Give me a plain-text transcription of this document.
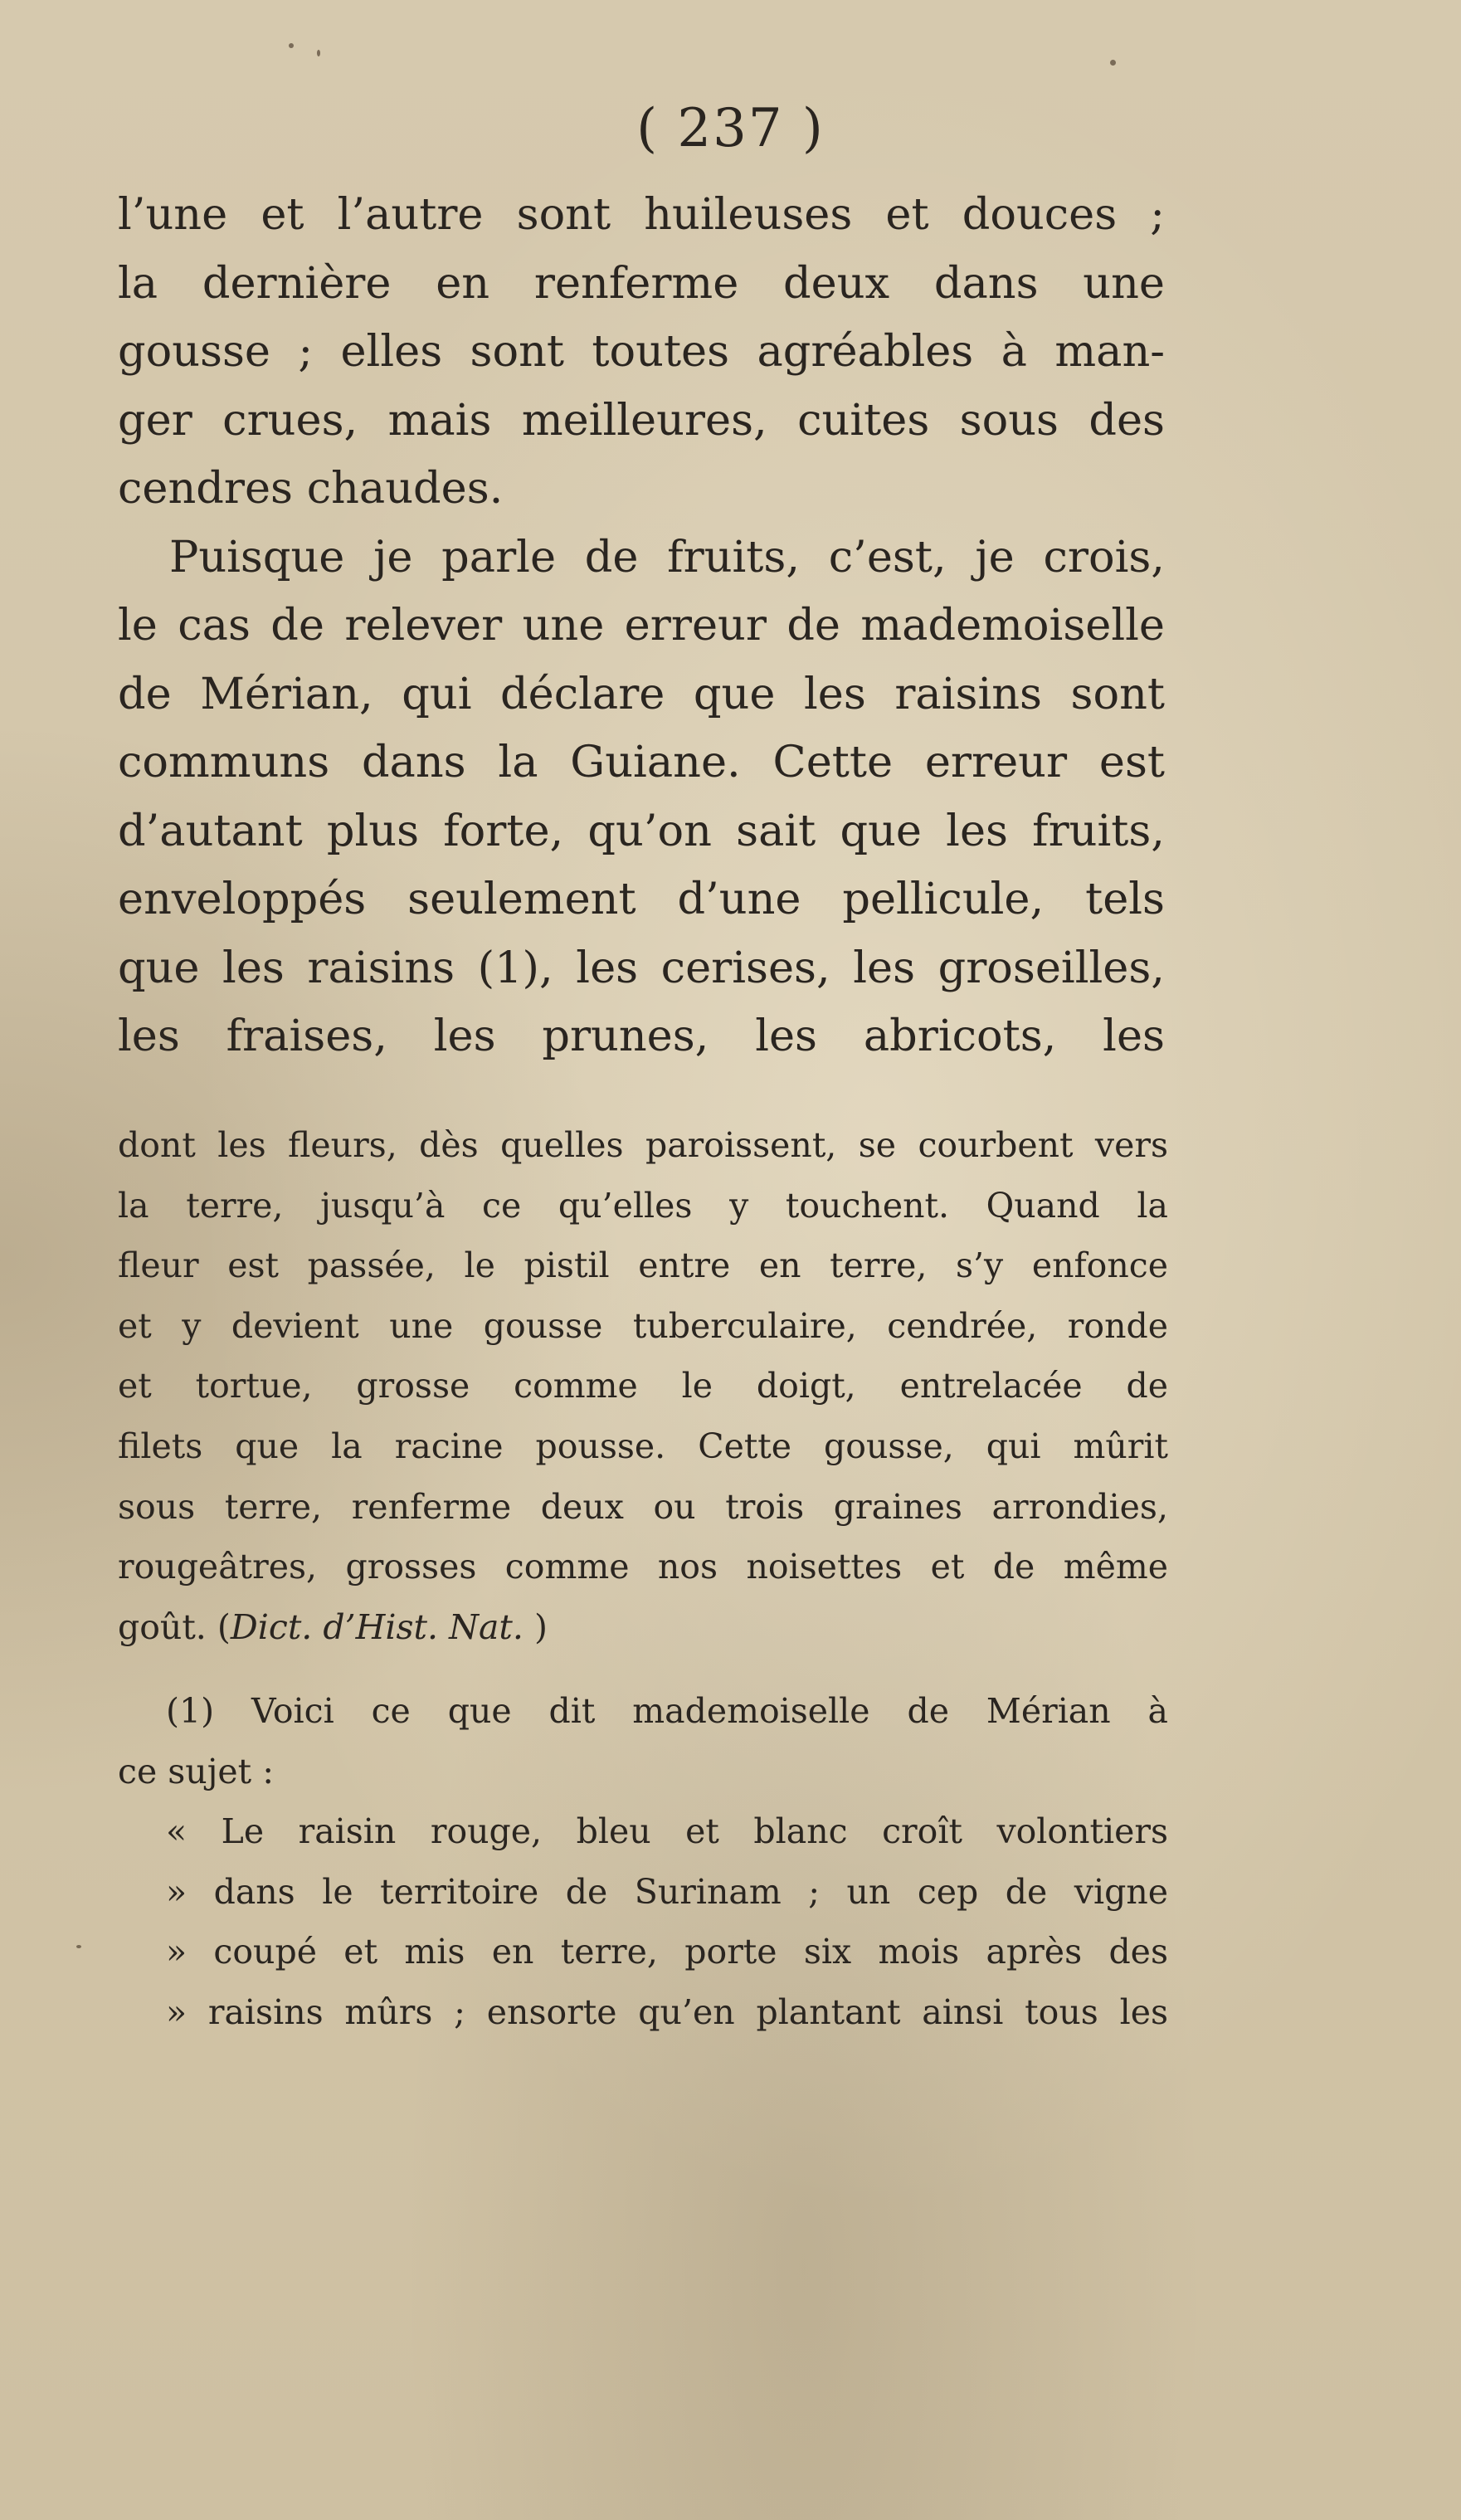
( 237 )
l’une et l’autre sont huileuses et douces ;
la dernière en renferme deux dans une
gousse ; elles sont toutes agréables à man-
ger crues, mais meilleures, cuites sous des
cendres chaudes.
Puisque je parle de fruits, c’est, je crois,
le cas de relever une erreur de mademoiselle
de Mérian, qui déclare que les raisins sont
communs dans la Guiane. Cette erreur est
d’autant plus forte, qu’on sait que les fruits,
enveloppés seulement d’une pellicule, tels
que les raisins (1), les cerises, les groseilles,
les fraises, les prunes, les abricots, les
dont les fleurs, dès quelles paroissent, se courbent vers
la terre, jusqu’à ce qu’elles y touchent. Quand la
fleur est passée, le pistil entre en terre, s’y enfonce
et y devient une gousse tuberculaire, cendrée, ronde
et tortue, grosse comme le doigt, entrelacée de
filets que la racine pousse. Cette gousse, qui mûrit
sous terre, renferme deux ou trois graines arrondies,
rougeâtres, grosses comme nos noisettes et de même
goût. (Dict. d’Hist. Nat. )
(1) Voici ce que dit mademoiselle de Mérian à
ce sujet :
« Le raisin rouge, bleu et blanc croît volontiers
» dans le territoire de Surinam ; un cep de vigne
» coupé et mis en terre, porte six mois après des
» raisins mûrs ; ensorte qu’en plantant ainsi tous les
